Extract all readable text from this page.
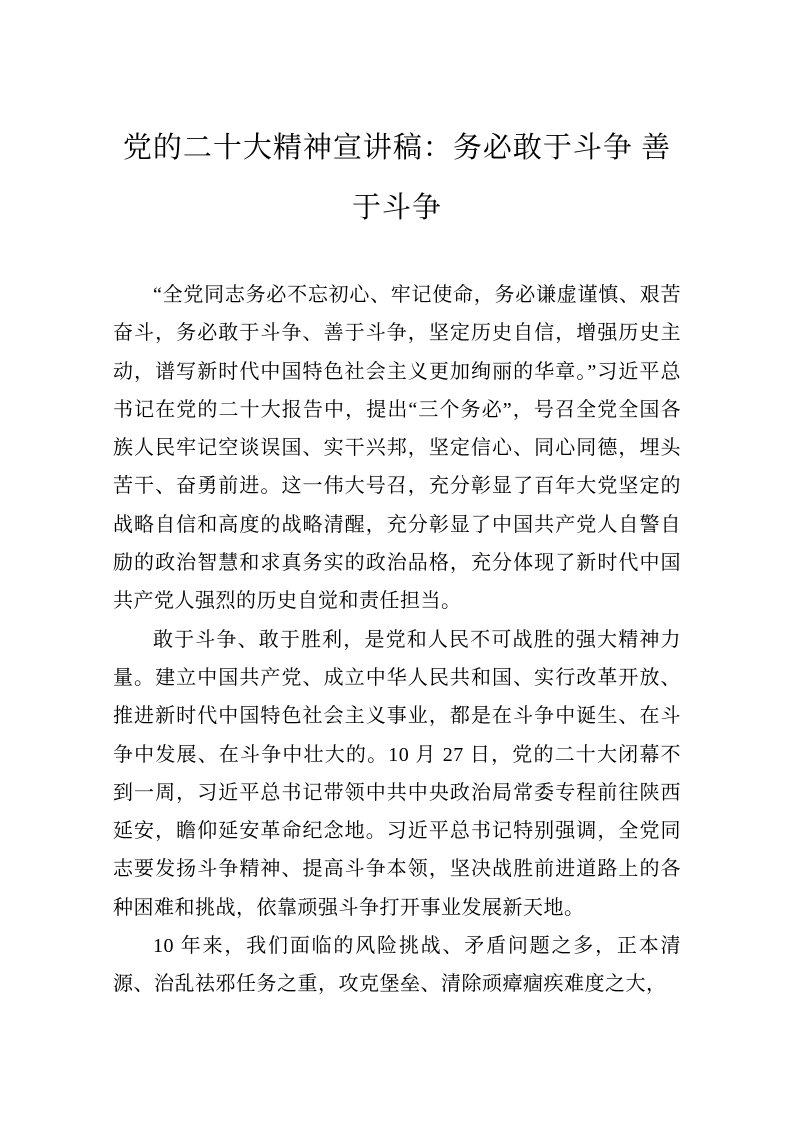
党的二十大精神宣讲稿：务必敢于斗争 善于斗争

“全党同志务必不忘初心、牢记使命，务必谦虚谨慎、艰苦奋斗，务必敢于斗争、善于斗争，坚定历史自信，增强历史主动，谱写新时代中国特色社会主义更加绚丽的华章。”习近平总书记在党的二十大报告中，提出“三个务必”，号召全党全国各族人民牢记空谈误国、实干兴邦，坚定信心、同心同德，埋头苦干、奋勇前进。这一伟大号召，充分彰显了百年大党坚定的战略自信和高度的战略清醒，充分彰显了中国共产党人自警自励的政治智慧和求真务实的政治品格，充分体现了新时代中国共产党人强烈的历史自觉和责任担当。

敢于斗争、敢于胜利，是党和人民不可战胜的强大精神力量。建立中国共产党、成立中华人民共和国、实行改革开放、推进新时代中国特色社会主义事业，都是在斗争中诞生、在斗争中发展、在斗争中壮大的。10 月 27 日，党的二十大闭幕不到一周，习近平总书记带领中共中央政治局常委专程前往陕西延安，瞻仰延安革命纪念地。习近平总书记特别强调，全党同志要发扬斗争精神、提高斗争本领，坚决战胜前进道路上的各种困难和挑战，依靠顽强斗争打开事业发展新天地。

10 年来，我们面临的风险挑战、矛盾问题之多，正本清源、治乱祛邪任务之重，攻克堡垒、清除顽瘴痼疾难度之大，
